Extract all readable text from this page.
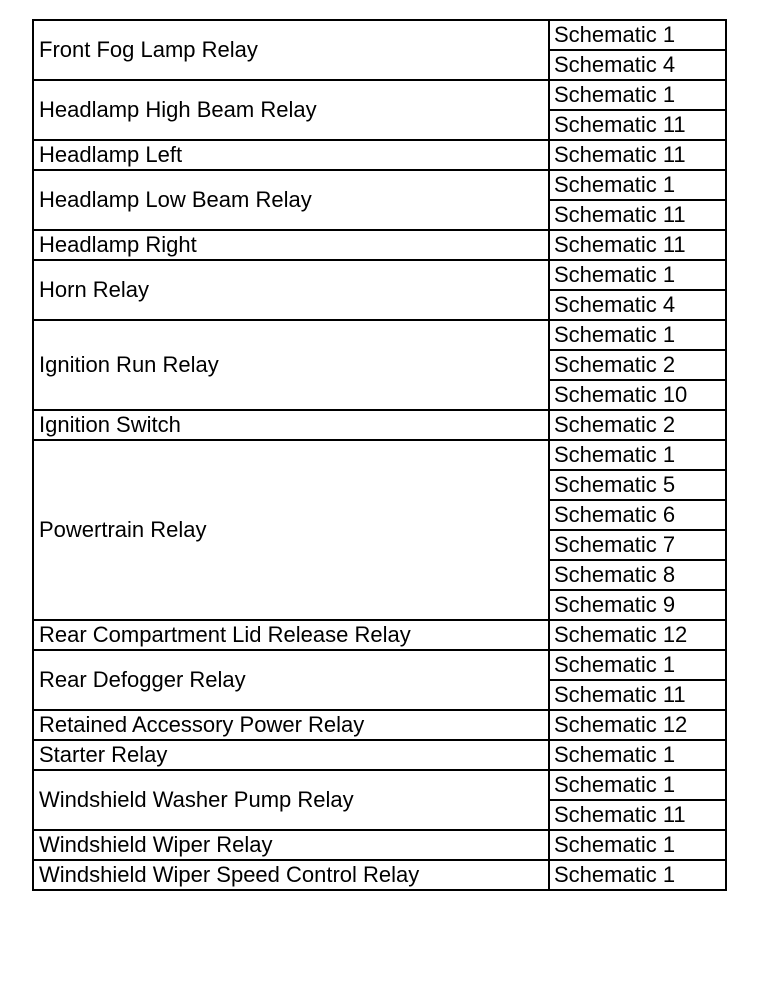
Front Fog Lamp Relay	Schematic 1
	Schematic 4
Headlamp High Beam Relay	Schematic 1
	Schematic 11
Headlamp Left	Schematic 11
Headlamp Low Beam Relay	Schematic 1
	Schematic 11
Headlamp Right	Schematic 11
Horn Relay	Schematic 1
	Schematic 4
Ignition Run Relay	Schematic 1
	Schematic 2
	Schematic 10
Ignition Switch	Schematic 2
Powertrain Relay	Schematic 1
	Schematic 5
	Schematic 6
	Schematic 7
	Schematic 8
	Schematic 9
Rear Compartment Lid Release Relay	Schematic 12
Rear Defogger Relay	Schematic 1
	Schematic 11
Retained Accessory Power Relay	Schematic 12
Starter Relay	Schematic 1
Windshield Washer Pump Relay	Schematic 1
	Schematic 11
Windshield Wiper Relay	Schematic 1
Windshield Wiper Speed Control Relay	Schematic 1
